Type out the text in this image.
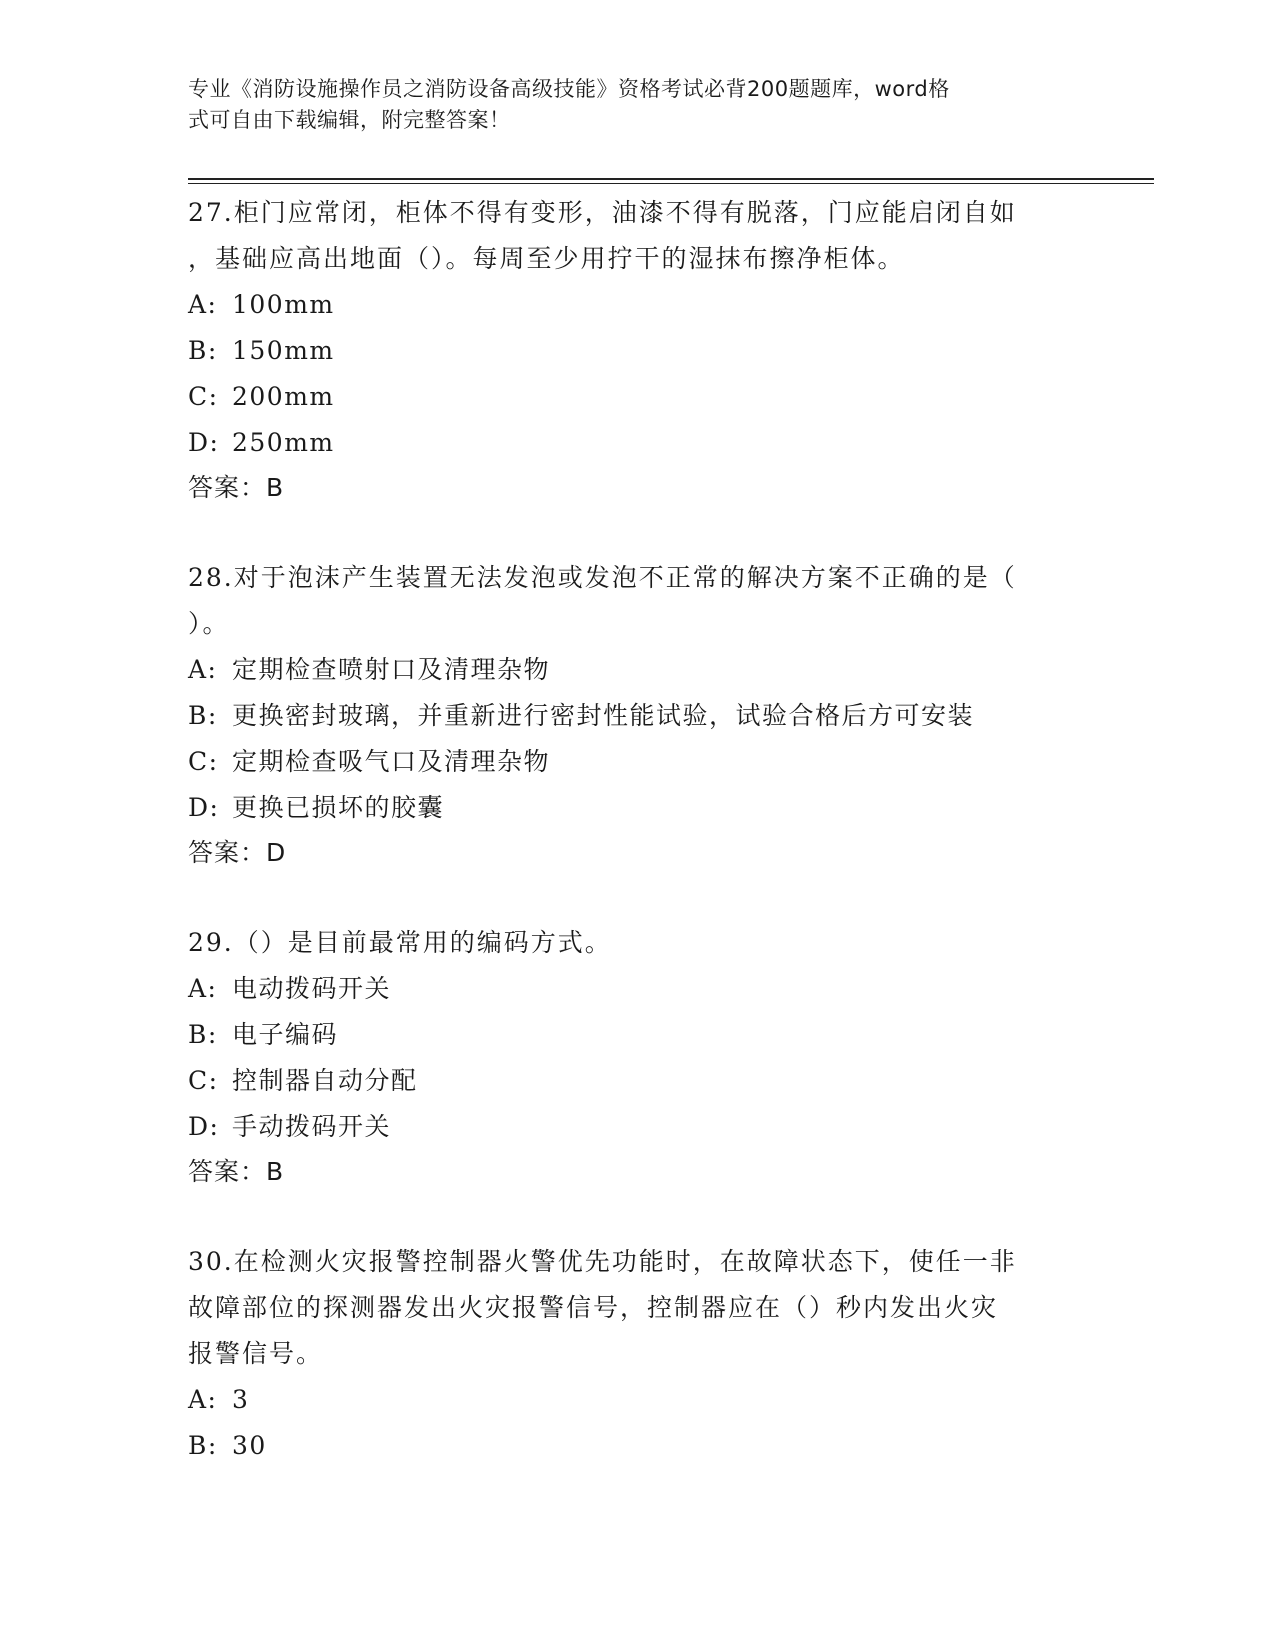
专业《消防设施操作员之消防设备高级技能》资格考试必背200题题库，word格
式可自由下载编辑，附完整答案！

27.柜门应常闭，柜体不得有变形，油漆不得有脱落，门应能启闭自如

，基础应高出地面（）。每周至少用拧干的湿抹布擦净柜体。

A: 100mm
B: 150mm
C: 200mm
D: 250mm

答案：B

28.对于泡沫产生装置无法发泡或发泡不正常的解决方案不正确的是（

）。

A: 定期检查喷射口及清理杂物
B: 更换密封玻璃，并重新进行密封性能试验，试验合格后方可安装
C: 定期检查吸气口及清理杂物
D: 更换已损坏的胶囊

答案：D

29.（）是目前最常用的编码方式。

A: 电动拨码开关
B: 电子编码
C: 控制器自动分配
D: 手动拨码开关

答案：B

30.在检测火灾报警控制器火警优先功能时，在故障状态下，使任一非

故障部位的探测器发出火灾报警信号，控制器应在（）秒内发出火灾

报警信号。

A: 3
B: 30
